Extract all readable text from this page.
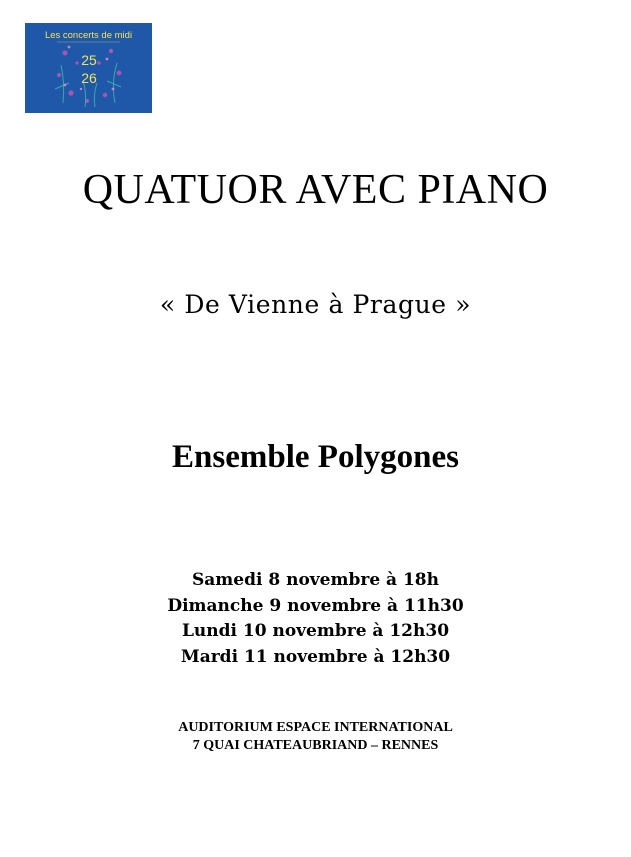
Les concerts de midi
25
26
QUATUOR AVEC PIANO
« De Vienne à Prague »
Ensemble Polygones
Samedi 8 novembre à 18h
Dimanche 9 novembre à 11h30
Lundi 10 novembre à 12h30
Mardi 11 novembre à 12h30
AUDITORIUM ESPACE INTERNATIONAL
7 QUAI CHATEAUBRIAND – RENNES
